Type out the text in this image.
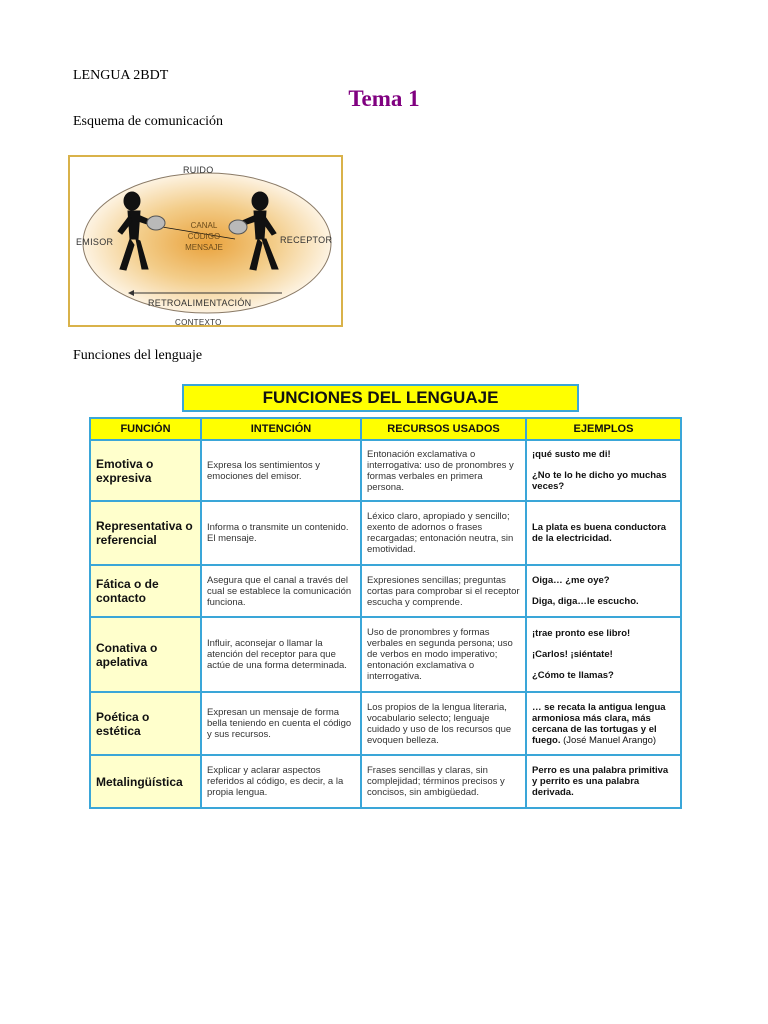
LENGUA 2BDT
Tema 1
Esquema de comunicación
RUIDO
EMISOR	RECEPTOR
CANAL
CÓDIGO
MENSAJE
RETROALIMENTACIÓN
CONTEXTO
Funciones del lenguaje
FUNCIONES DEL LENGUAJE
FUNCIÓN	INTENCIÓN	RECURSOS USADOS	EJEMPLOS
Emotiva o expresiva	Expresa los sentimientos y emociones del emisor.	Entonación exclamativa o interrogativa: uso de pronombres y formas verbales en primera persona.	¡qué susto me di!
¿No te lo he dicho yo muchas veces?

Representativa o referencial	Informa o transmite un contenido. El mensaje.	Léxico claro, apropiado y sencillo; exento de adornos o frases recargadas; entonación neutra, sin emotividad.	La plata es buena conductora de la electricidad.

Fática o de contacto	Asegura que el canal a través del cual se establece la comunicación funciona.	Expresiones sencillas; preguntas cortas para comprobar si el receptor escucha y comprende.	Oiga… ¿me oye?
Diga, diga…le escucho.

Conativa o apelativa	Influir, aconsejar o llamar la atención del receptor para que actúe de una forma determinada.	Uso de pronombres y formas verbales en segunda persona; uso de verbos en modo imperativo; entonación exclamativa o interrogativa.	¡trae pronto ese libro!
¡Carlos! ¡siéntate!
¿Cómo te llamas?

Poética o estética	Expresan un mensaje de forma bella teniendo en cuenta el código y sus recursos.	Los propios de la lengua literaria, vocabulario selecto; lenguaje cuidado y uso de los recursos que evoquen belleza.	… se recata la antigua lengua armoniosa más clara, más cercana de las tortugas y el fuego. (José Manuel Arango)
Metalingüística	Explicar y aclarar aspectos referidos al código, es decir, a la propia lengua.	Frases sencillas y claras, sin complejidad; términos precisos y concisos, sin ambigüedad.	Perro es una palabra primitiva y perrito es una palabra derivada.
